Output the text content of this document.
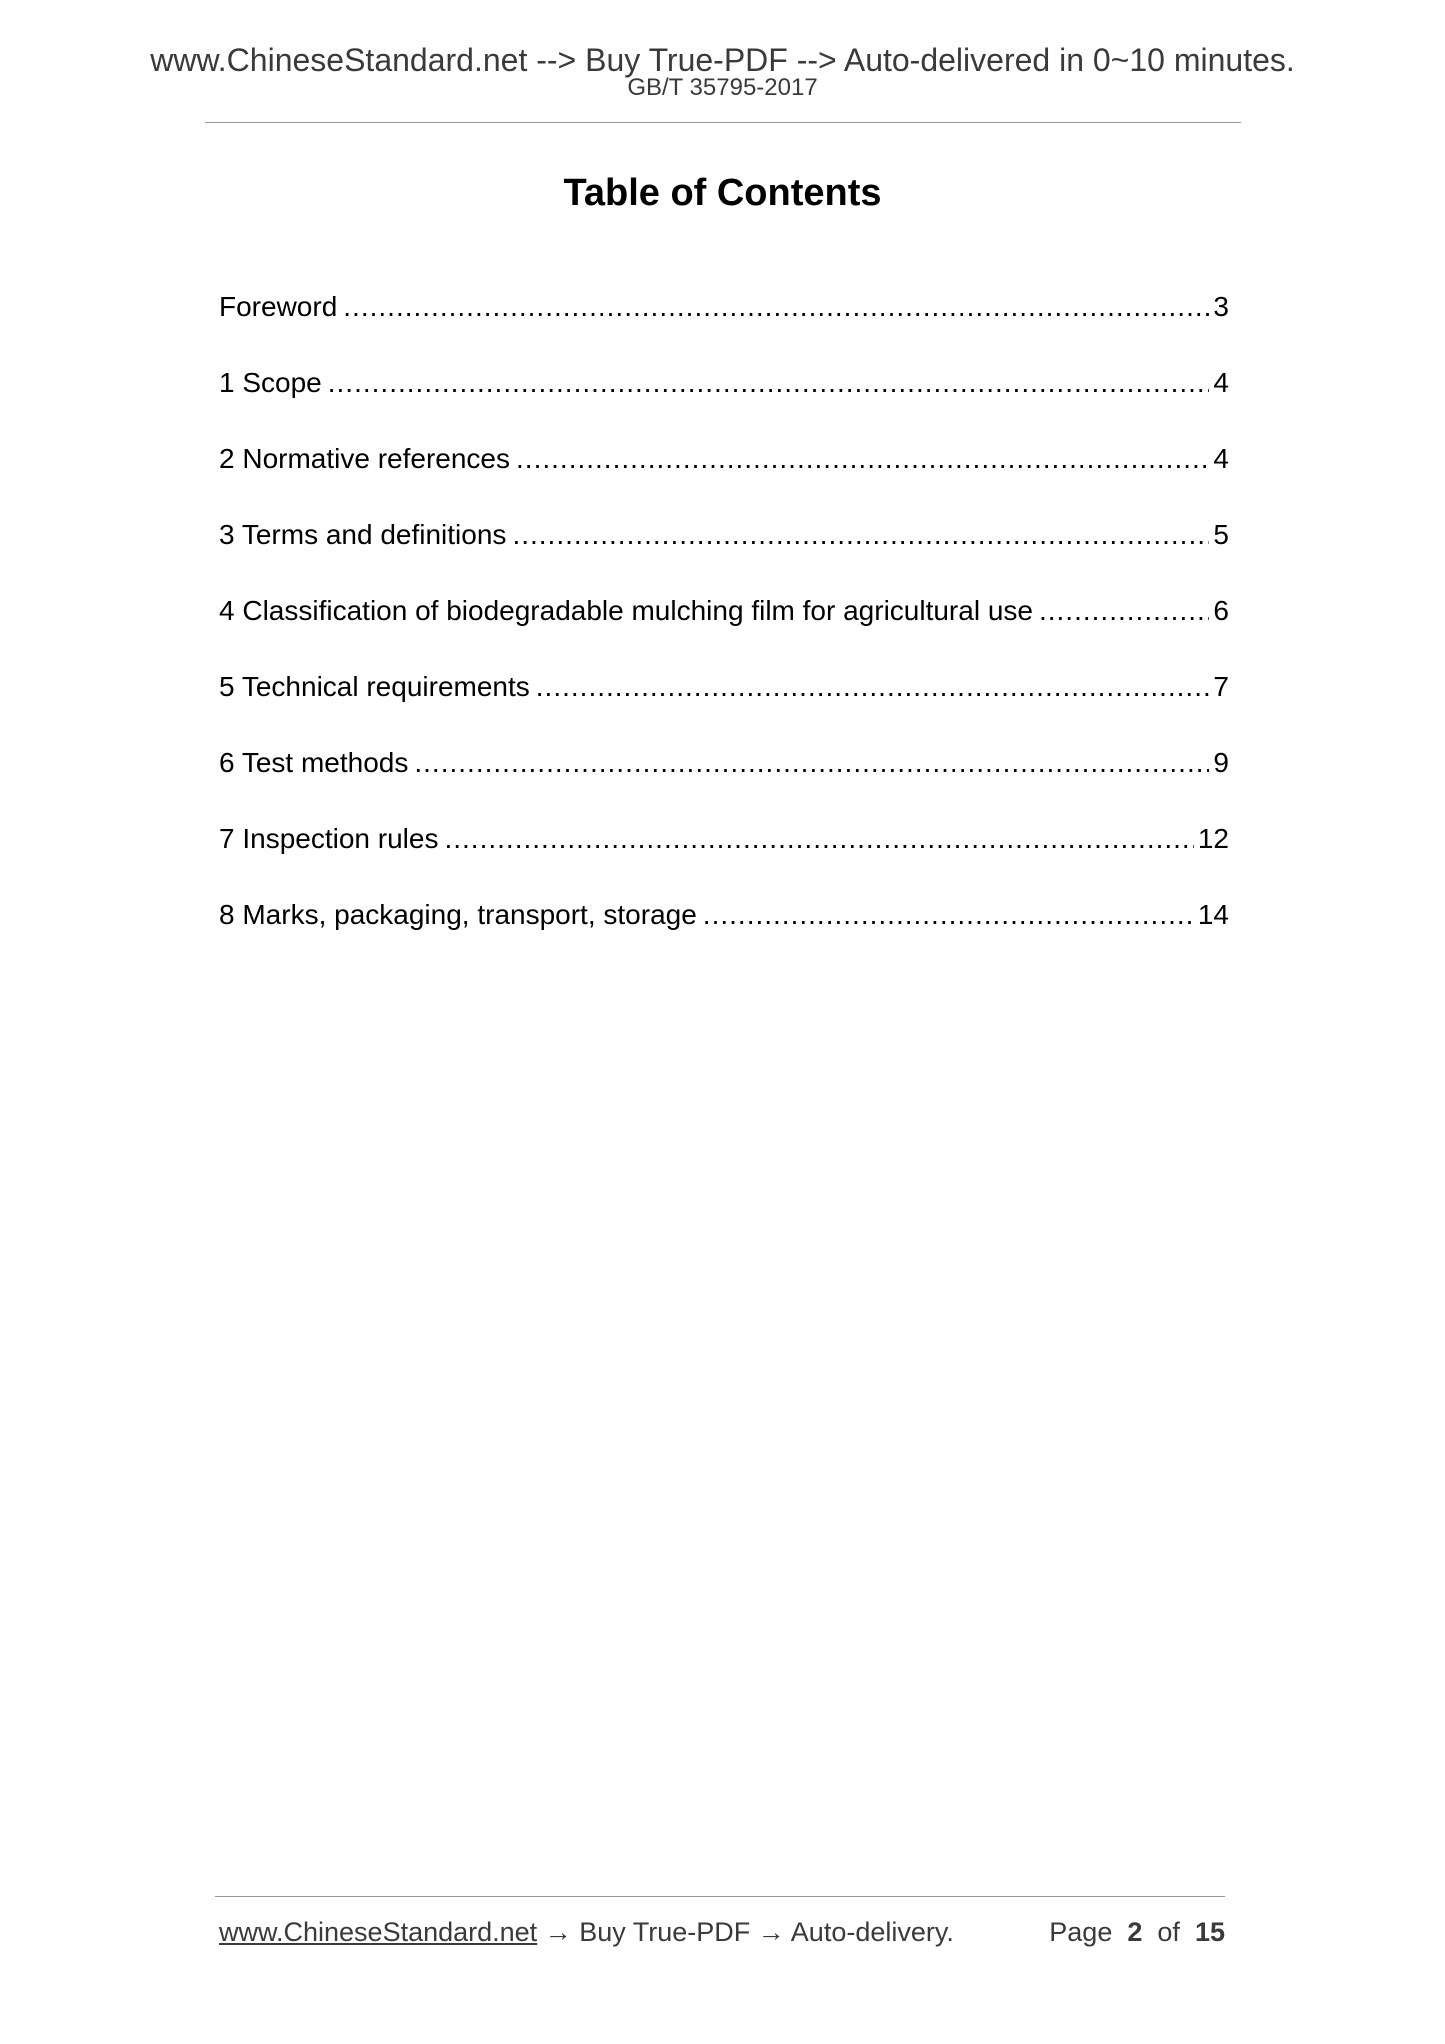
www.ChineseStandard.net --> Buy True-PDF --> Auto-delivered in 0~10 minutes.
GB/T 35795-2017
Table of Contents
Foreword .....	3
1 Scope .....	4
2 Normative references .....	4
3 Terms and definitions .....	5
4 Classification of biodegradable mulching film for agricultural use .....	6
5 Technical requirements .....	7
6 Test methods .....	9
7 Inspection rules .....	12
8 Marks, packaging, transport, storage .....	14
www.ChineseStandard.net → Buy True-PDF → Auto-delivery.	Page 2 of 15
